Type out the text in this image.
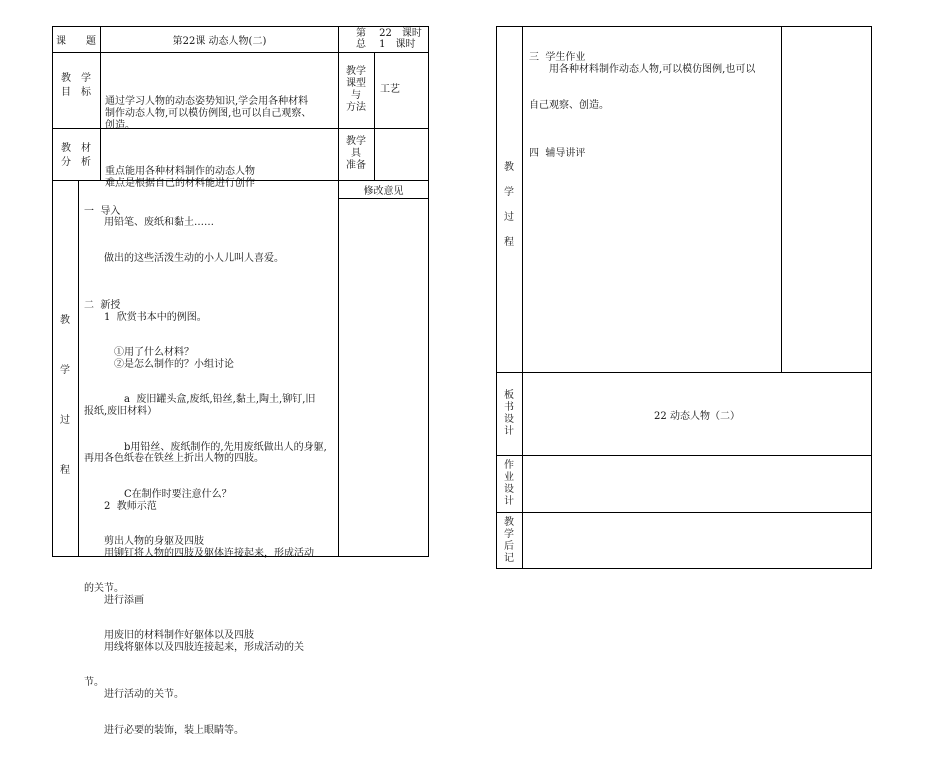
课　　题	第22课 动态人物(二)
第　 22　课时
总　 1　课时
教　学
目　标

通过学习人物的动态姿势知识,学会用各种材料
制作动态人物,可以模仿例图,也可以自己观察、
创造。

教学
课型
与
方法
工艺
教　材
分　析

重点能用各种材料制作的动态人物
难点是根据自己的材料能进行创作

教学
具
准备
教
学
过
程
修改意见

一  导入
　　用铅笔、废纸和黏土……

　　做出的这些活泼生动的小人儿叫人喜爱。

二  新授
　　1  欣赏书本中的例图。

　　　①用了什么材料？
　　　②是怎么制作的？小组讨论

　　　　a  废旧罐头盒,废纸,铅丝,黏土,陶土,铆钉,旧
报纸,废旧材料）

　　　　b用铅丝、废纸制作的,先用废纸做出人的身躯,
再用各色纸卷在铁丝上折出人物的四肢。

　　　　C在制作时要注意什么？
　　2  教师示范

　　剪出人物的身躯及四肢
　　用铆钉将人物的四肢及躯体连接起来，形成活动

的关节。
　　进行添画

　　用废旧的材料制作好躯体以及四肢
　　用线将躯体以及四肢连接起来，形成活动的关

节。
　　进行活动的关节。

　　进行必要的装饰，装上眼睛等。

教
学
过
程

三  学生作业
　　用各种材料制作动态人物,可以模仿图例,也可以

自己观察、创造。

四  辅导讲评

板
书
设
计
22 动态人物（二）
作
业
设
计
教
学
后
记
